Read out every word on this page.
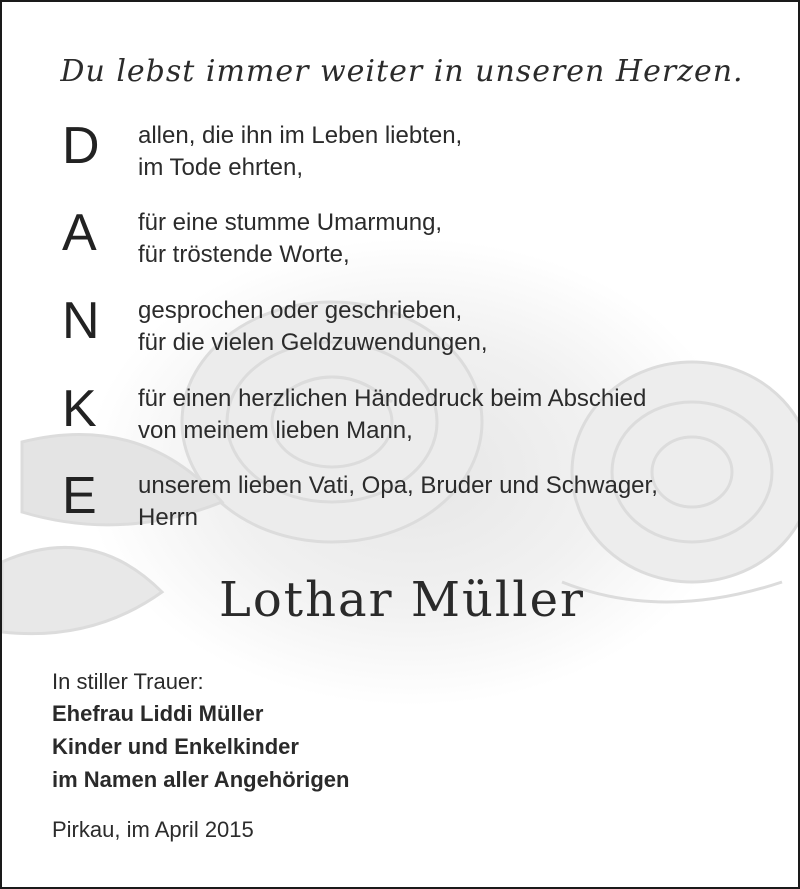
Du lebst immer weiter in unseren Herzen.
D	allen, die ihn im Leben liebten,
im Tode ehrten,
A	für eine stumme Umarmung,
für tröstende Worte,
N	gesprochen oder geschrieben,
für die vielen Geldzuwendungen,
K	für einen herzlichen Händedruck beim Abschied
von meinem lieben Mann,
E	unserem lieben Vati, Opa, Bruder und Schwager,
Herrn
Lothar Müller
In stiller Trauer:
Ehefrau Liddi Müller
Kinder und Enkelkinder
im Namen aller Angehörigen
Pirkau, im April 2015
